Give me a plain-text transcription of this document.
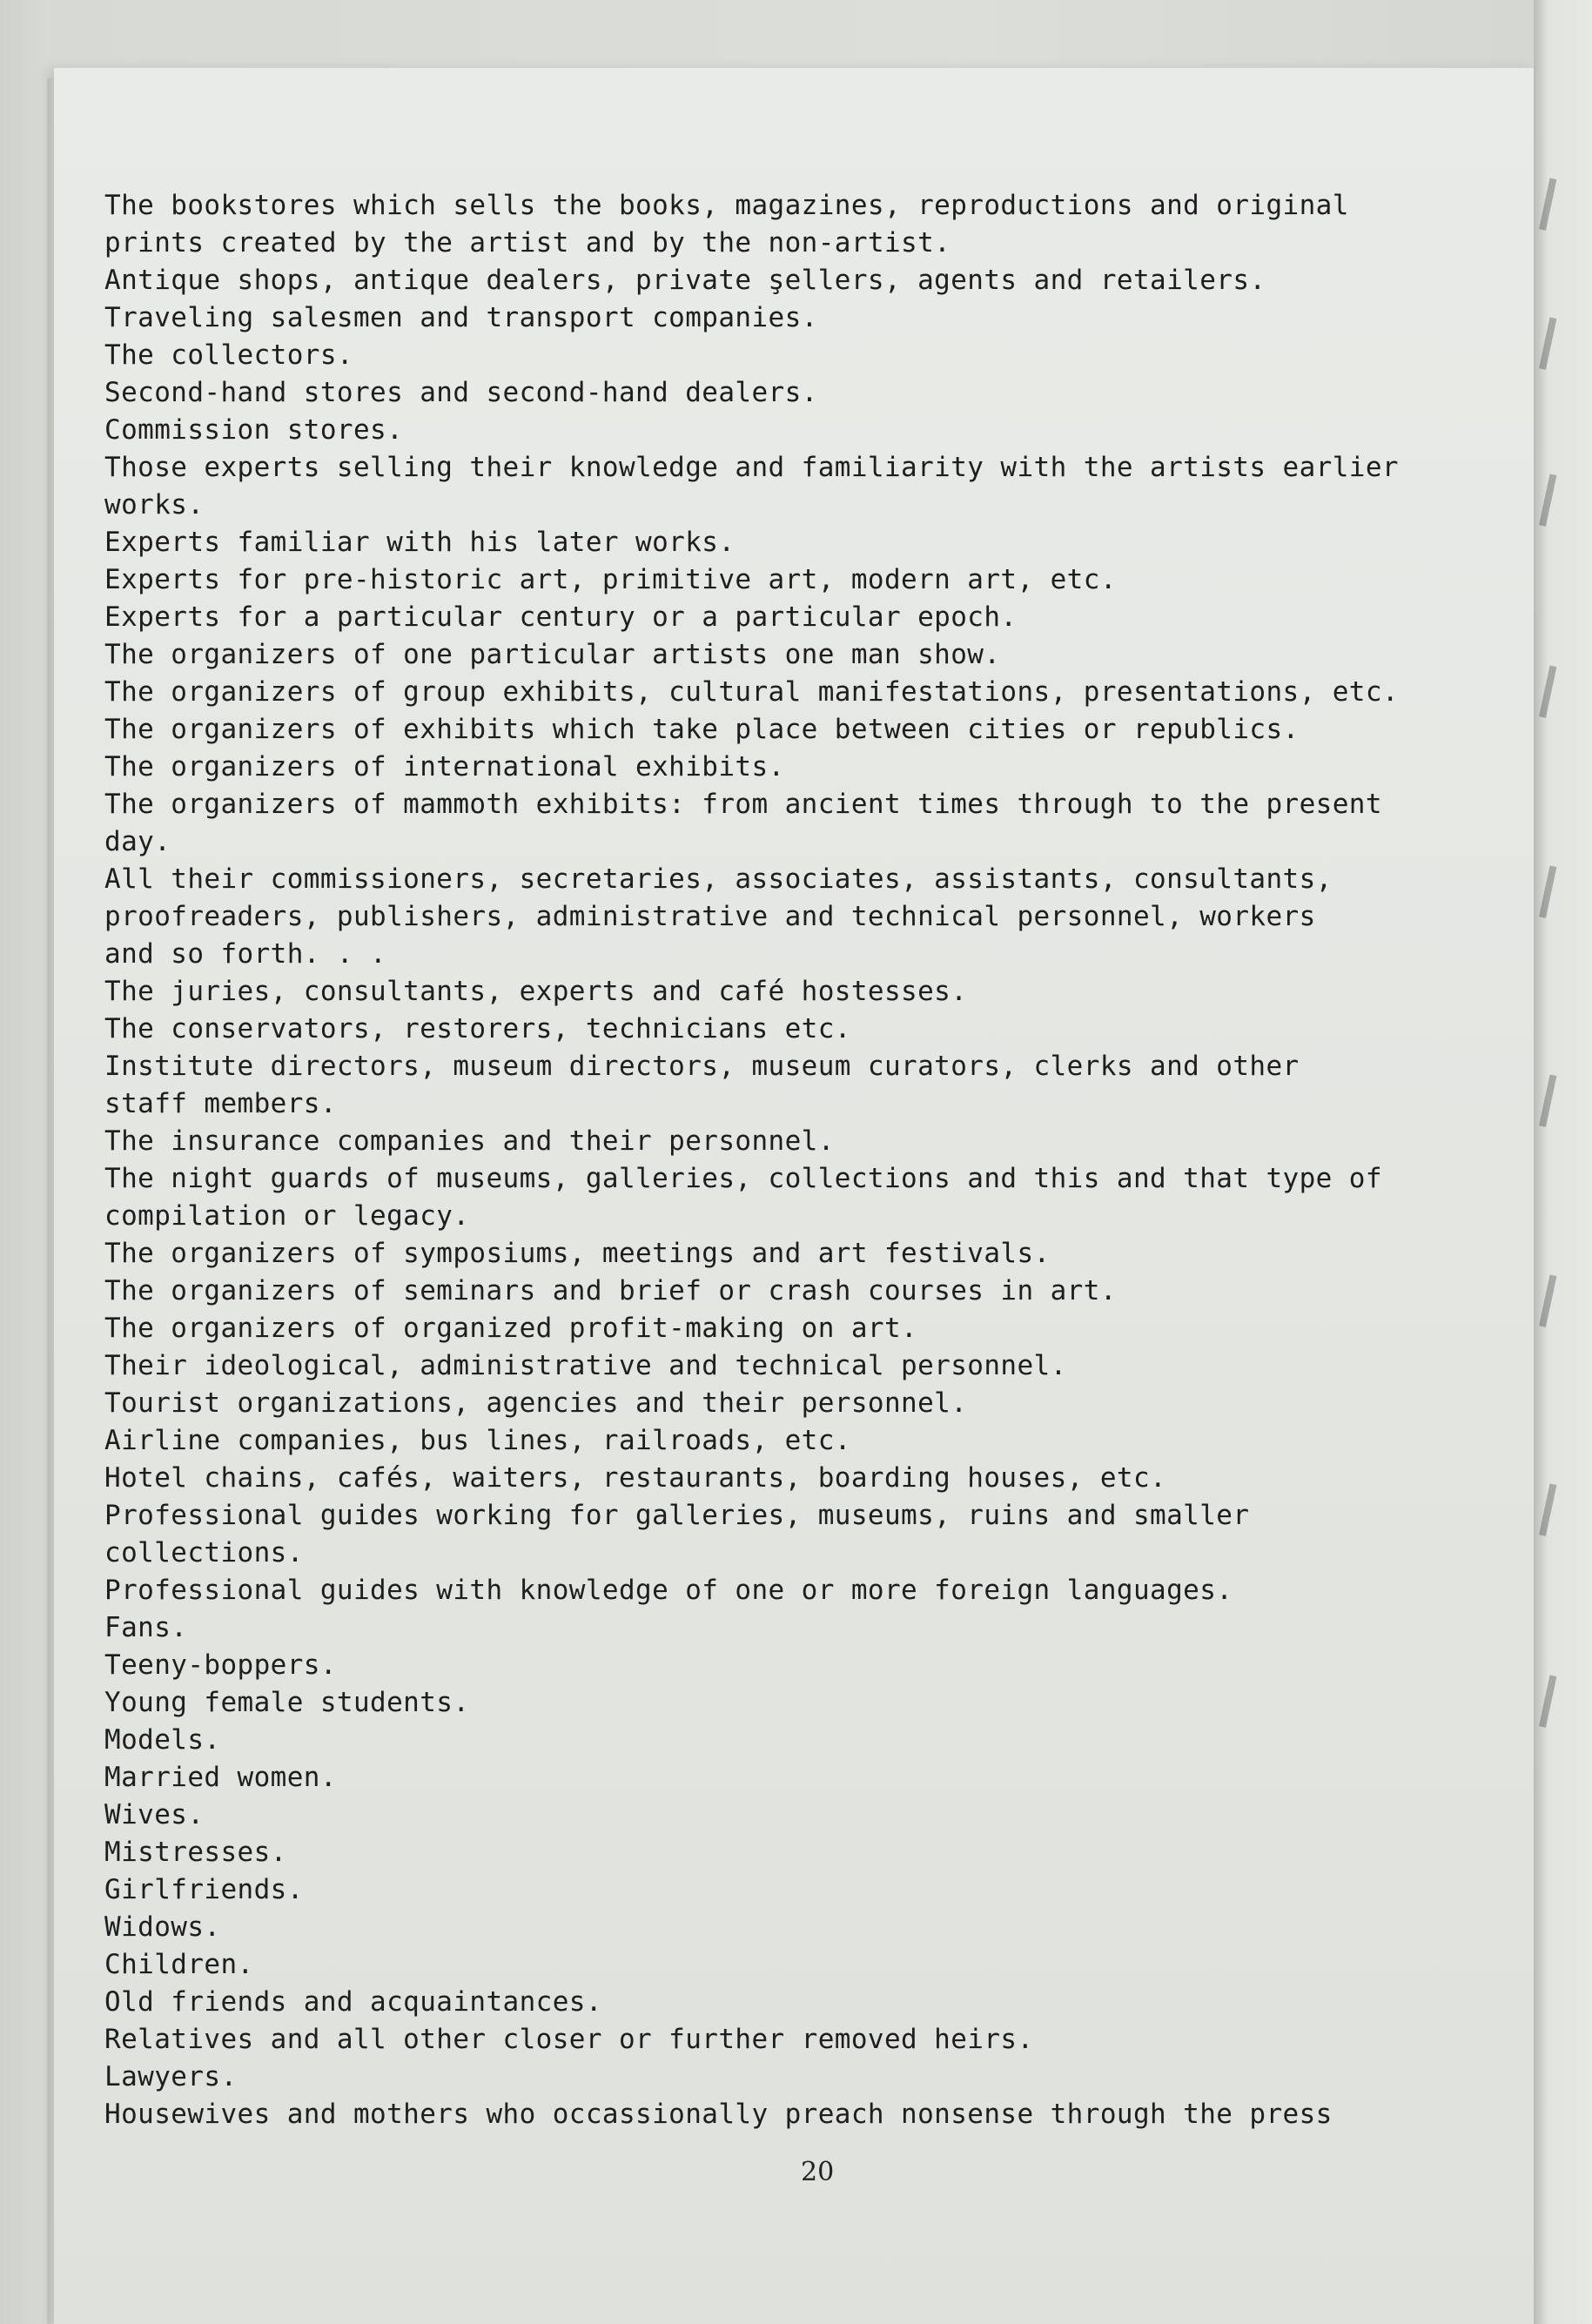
The bookstores which sells the books, magazines, reproductions and original
prints created by the artist and by the non-artist.
Antique shops, antique dealers, private şellers, agents and retailers.
Traveling salesmen and transport companies.
The collectors.
Second-hand stores and second-hand dealers.
Commission stores.
Those experts selling their knowledge and familiarity with the artists earlier
works.
Experts familiar with his later works.
Experts for pre-historic art, primitive art, modern art, etc.
Experts for a particular century or a particular epoch.
The organizers of one particular artists one man show.
The organizers of group exhibits, cultural manifestations, presentations, etc.
The organizers of exhibits which take place between cities or republics.
The organizers of international exhibits.
The organizers of mammoth exhibits: from ancient times through to the present
day.
All their commissioners, secretaries, associates, assistants, consultants,
proofreaders, publishers, administrative and technical personnel, workers
and so forth. . .
The juries, consultants, experts and café hostesses.
The conservators, restorers, technicians etc.
Institute directors, museum directors, museum curators, clerks and other
staff members.
The insurance companies and their personnel.
The night guards of museums, galleries, collections and this and that type of
compilation or legacy.
The organizers of symposiums, meetings and art festivals.
The organizers of seminars and brief or crash courses in art.
The organizers of organized profit-making on art.
Their ideological, administrative and technical personnel.
Tourist organizations, agencies and their personnel.
Airline companies, bus lines, railroads, etc.
Hotel chains, cafés, waiters, restaurants, boarding houses, etc.
Professional guides working for galleries, museums, ruins and smaller
collections.
Professional guides with knowledge of one or more foreign languages.
Fans.
Teeny-boppers.
Young female students.
Models.
Married women.
Wives.
Mistresses.
Girlfriends.
Widows.
Children.
Old friends and acquaintances.
Relatives and all other closer or further removed heirs.
Lawyers.
Housewives and mothers who occassionally preach nonsense through the press
20
